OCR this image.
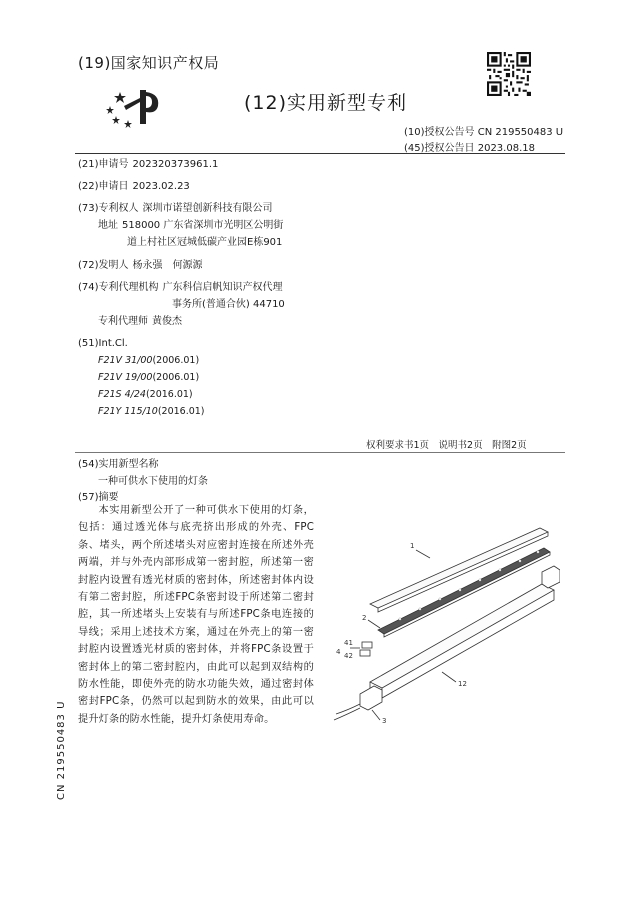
(19)国家知识产权局
(12)实用新型专利
(10)授权公告号 CN 219550483 U
(45)授权公告日 2023.08.18
(21)申请号 202320373961.1
(22)申请日 2023.02.23
(73)专利权人 深圳市诺望创新科技有限公司
地址 518000 广东省深圳市光明区公明街
道上村社区冠城低碳产业园E栋901
(72)发明人 杨永强　何源源
(74)专利代理机构 广东科信启帆知识产权代理
事务所(普通合伙) 44710
专利代理师 黄俊杰
(51)Int.Cl.
F21V 31/00(2006.01)
F21V 19/00(2006.01)
F21S 4/24(2016.01)
F21Y 115/10(2016.01)
权利要求书1页　说明书2页　附图2页
(54)实用新型名称
一种可供水下使用的灯条
(57)摘要
本实用新型公开了一种可供水下使用的灯条，包括：通过透光体与底壳挤出形成的外壳、FPC条、堵头，两个所述堵头对应密封连接在所述外壳两端，并与外壳内部形成第一密封腔，所述第一密封腔内设置有透光材质的密封体，所述密封体内设有第二密封腔，所述FPC条密封设于所述第二密封腔，其一所述堵头上安装有与所述FPC条电连接的导线；采用上述技术方案，通过在外壳上的第一密封腔内设置透光材质的密封体，并将FPC条设置于密封体上的第二密封腔内，由此可以起到双结构的防水性能，即使外壳的防水功能失效，通过密封体密封FPC条，仍然可以起到防水的效果，由此可以提升灯条的防水性能，提升灯条使用寿命。
1
2
4
41
42
12
3
CN 219550483 U
